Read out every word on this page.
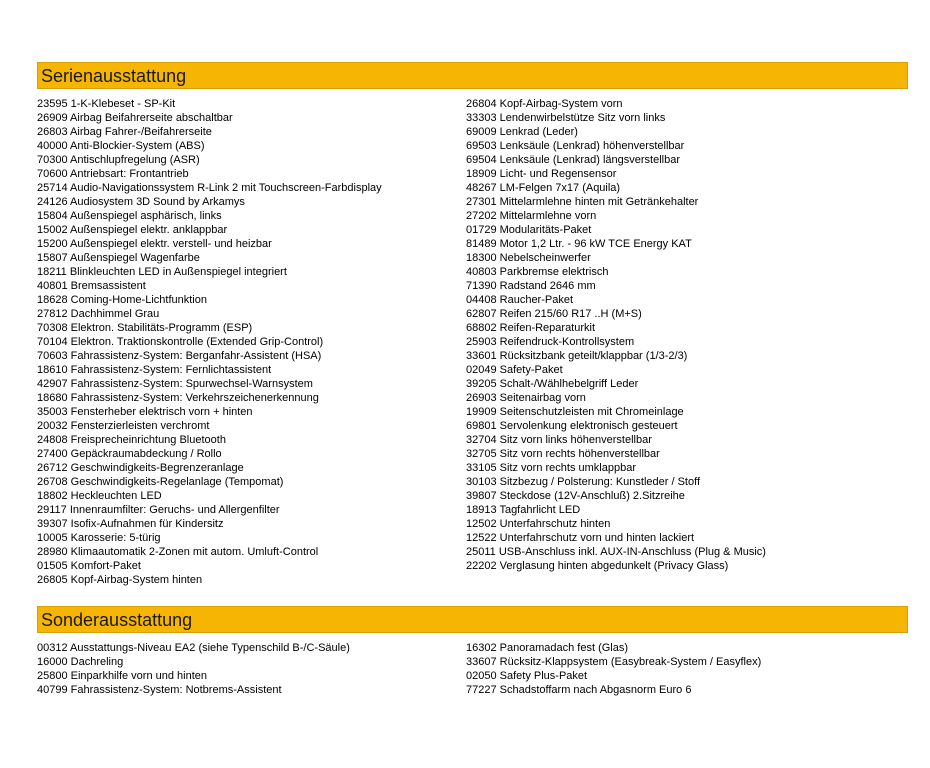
Serienausstattung
23595 1-K-Klebeset - SP-Kit
26909 Airbag Beifahrerseite abschaltbar
26803 Airbag Fahrer-/Beifahrerseite
40000 Anti-Blockier-System (ABS)
70300 Antischlupfregelung (ASR)
70600 Antriebsart: Frontantrieb
25714 Audio-Navigationssystem R-Link 2 mit Touchscreen-Farbdisplay
24126 Audiosystem 3D Sound by Arkamys
15804 Außenspiegel asphärisch, links
15002 Außenspiegel elektr. anklappbar
15200 Außenspiegel elektr. verstell- und heizbar
15807 Außenspiegel Wagenfarbe
18211 Blinkleuchten LED in Außenspiegel integriert
40801 Bremsassistent
18628 Coming-Home-Lichtfunktion
27812 Dachhimmel Grau
70308 Elektron. Stabilitäts-Programm (ESP)
70104 Elektron. Traktionskontrolle (Extended Grip-Control)
70603 Fahrassistenz-System: Berganfahr-Assistent (HSA)
18610 Fahrassistenz-System: Fernlichtassistent
42907 Fahrassistenz-System: Spurwechsel-Warnsystem
18680 Fahrassistenz-System: Verkehrszeichenerkennung
35003 Fensterheber elektrisch vorn + hinten
20032 Fensterzierleisten verchromt
24808 Freisprecheinrichtung Bluetooth
27400 Gepäckraumabdeckung / Rollo
26712 Geschwindigkeits-Begrenzeranlage
26708 Geschwindigkeits-Regelanlage (Tempomat)
18802 Heckleuchten LED
29117 Innenraumfilter: Geruchs- und Allergenfilter
39307 Isofix-Aufnahmen für Kindersitz
10005 Karosserie: 5-türig
28980 Klimaautomatik 2-Zonen mit autom. Umluft-Control
01505 Komfort-Paket
26805 Kopf-Airbag-System hinten
26804 Kopf-Airbag-System vorn
33303 Lendenwirbelstütze Sitz vorn links
69009 Lenkrad (Leder)
69503 Lenksäule (Lenkrad) höhenverstellbar
69504 Lenksäule (Lenkrad) längsverstellbar
18909 Licht- und Regensensor
48267 LM-Felgen 7x17 (Aquila)
27301 Mittelarmlehne hinten mit Getränkehalter
27202 Mittelarmlehne vorn
01729 Modularitäts-Paket
81489 Motor 1,2 Ltr. - 96 kW TCE Energy KAT
18300 Nebelscheinwerfer
40803 Parkbremse elektrisch
71390 Radstand 2646 mm
04408 Raucher-Paket
62807 Reifen 215/60 R17 ..H (M+S)
68802 Reifen-Reparaturkit
25903 Reifendruck-Kontrollsystem
33601 Rücksitzbank geteilt/klappbar (1/3-2/3)
02049 Safety-Paket
39205 Schalt-/Wählhebelgriff Leder
26903 Seitenairbag vorn
19909 Seitenschutzleisten mit Chromeinlage
69801 Servolenkung elektronisch gesteuert
32704 Sitz vorn links höhenverstellbar
32705 Sitz vorn rechts höhenverstellbar
33105 Sitz vorn rechts umklappbar
30103 Sitzbezug / Polsterung: Kunstleder / Stoff
39807 Steckdose (12V-Anschluß) 2.Sitzreihe
18913 Tagfahrlicht LED
12502 Unterfahrschutz hinten
12522 Unterfahrschutz vorn und hinten lackiert
25011 USB-Anschluss inkl. AUX-IN-Anschluss (Plug & Music)
22202 Verglasung hinten abgedunkelt (Privacy Glass)
Sonderausstattung
00312 Ausstattungs-Niveau EA2 (siehe Typenschild B-/C-Säule)
16000 Dachreling
25800 Einparkhilfe vorn und hinten
40799 Fahrassistenz-System: Notbrems-Assistent
16302 Panoramadach fest (Glas)
33607 Rücksitz-Klappsystem (Easybreak-System / Easyflex)
02050 Safety Plus-Paket
77227 Schadstoffarm nach Abgasnorm Euro 6
